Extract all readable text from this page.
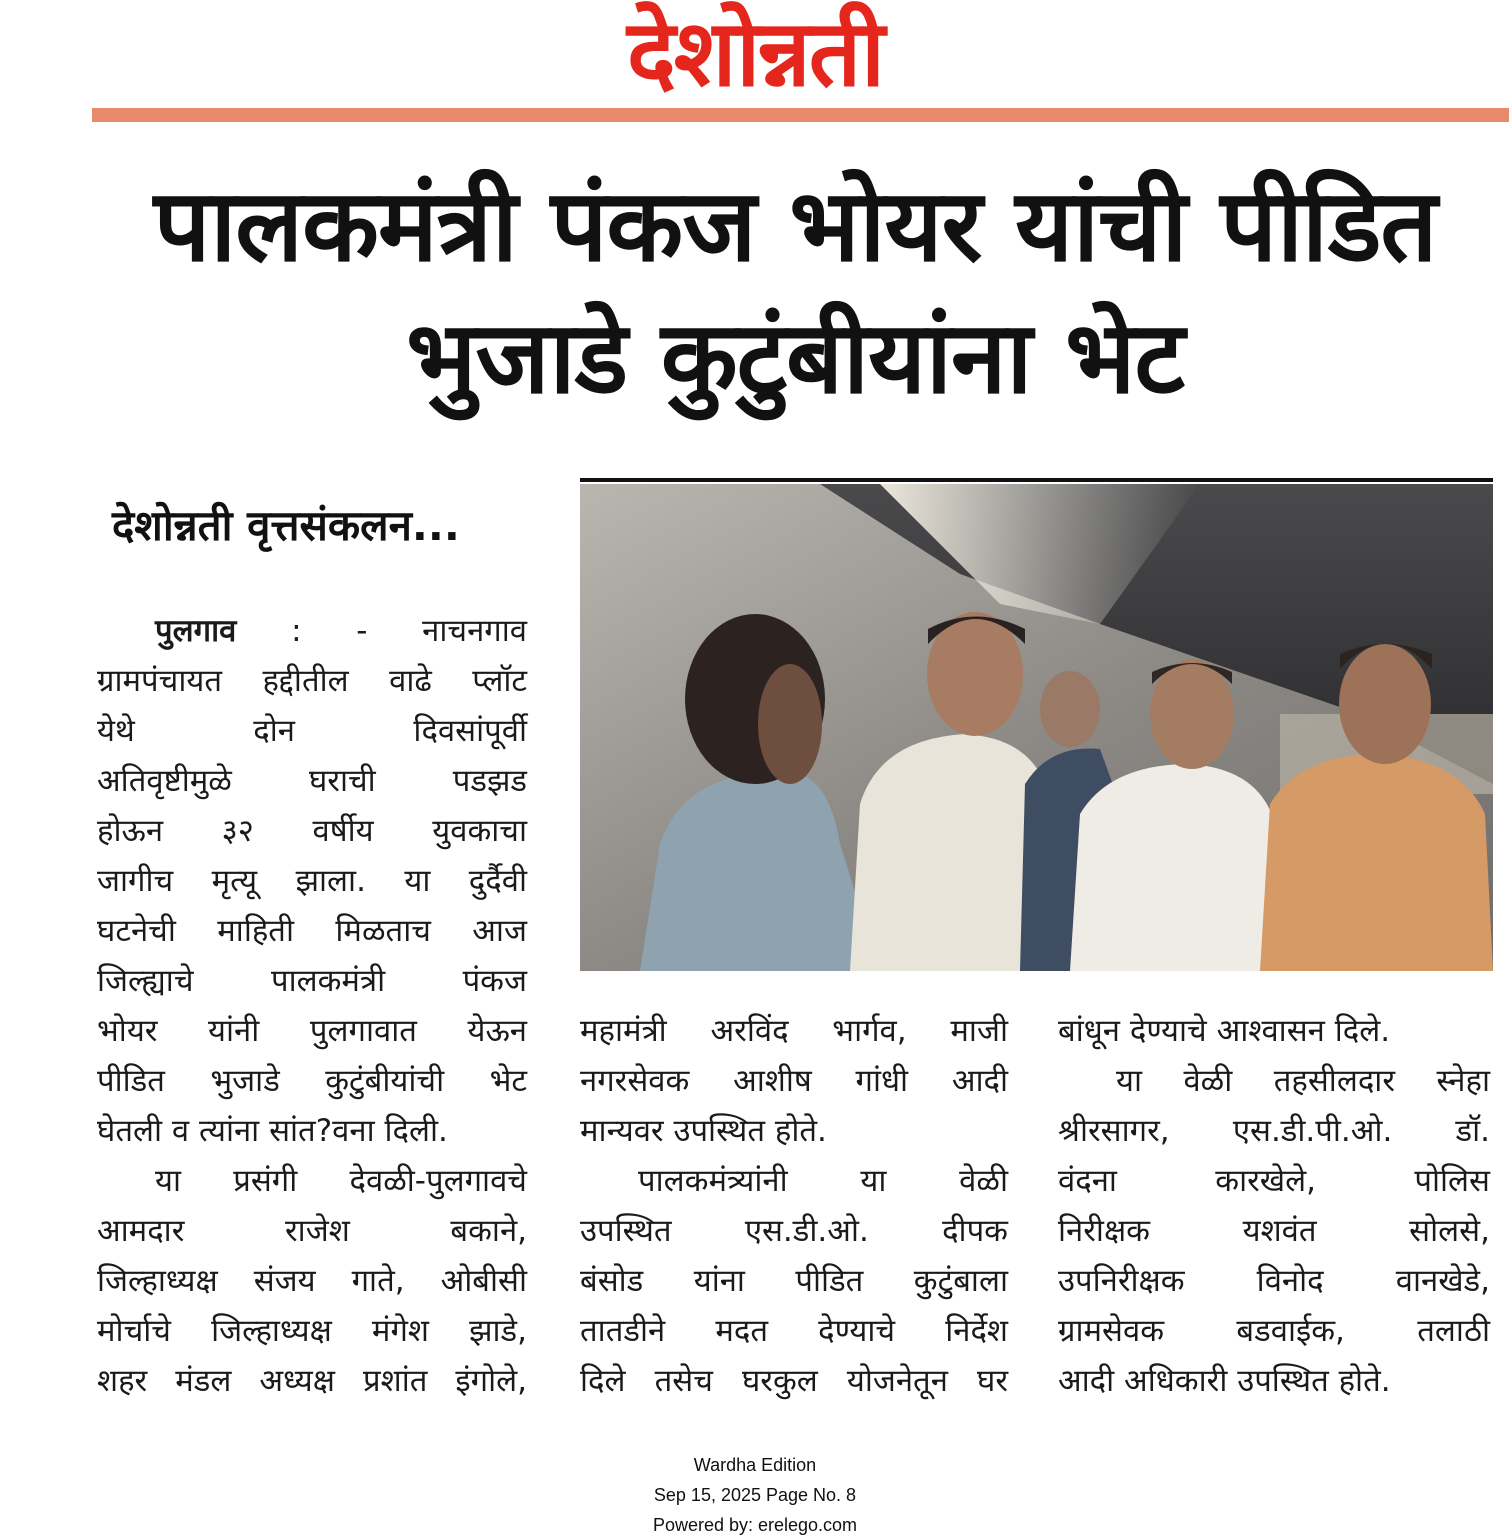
देशोन्नती
पालकमंत्री पंकज भोयर यांची पीडित
भुजाडे कुटुंबीयांना भेट
देशोन्नती वृत्तसंकलन...
पुलगाव : - नाचनगाव
ग्रामपंचायत हद्दीतील वाढे प्लॉट
येथे दोन दिवसांपूर्वी
अतिवृष्टीमुळे घराची पडझड
होऊन ३२ वर्षीय युवकाचा
जागीच मृत्यू झाला. या दुर्दैवी
घटनेची माहिती मिळताच आज
जिल्ह्याचे पालकमंत्री पंकज
भोयर यांनी पुलगावात येऊन
पीडित भुजाडे कुटुंबीयांची भेट
घेतली व त्यांना सांत?वना दिली.
या प्रसंगी देवळी-पुलगावचे
आमदार राजेश बकाने,
जिल्हाध्यक्ष संजय गाते, ओबीसी
मोर्चाचे जिल्हाध्यक्ष मंगेश झाडे,
शहर मंडल अध्यक्ष प्रशांत इंगोले,
महामंत्री अरविंद भार्गव, माजी
नगरसेवक आशीष गांधी आदी
मान्यवर उपस्थित होते.
पालकमंत्र्यांनी या वेळी
उपस्थित एस.डी.ओ. दीपक
बंसोड यांना पीडित कुटुंबाला
तातडीने मदत देण्याचे निर्देश
दिले तसेच घरकुल योजनेतून घर
बांधून देण्याचे आश्वासन दिले.
या वेळी तहसीलदार स्नेहा
श्रीरसागर, एस.डी.पी.ओ. डॉ.
वंदना कारखेले, पोलिस
निरीक्षक यशवंत सोलसे,
उपनिरीक्षक विनोद वानखेडे,
ग्रामसेवक बडवाईक, तलाठी
आदी अधिकारी उपस्थित होते.
Wardha Edition
Sep 15, 2025 Page No. 8
Powered by: erelego.com
